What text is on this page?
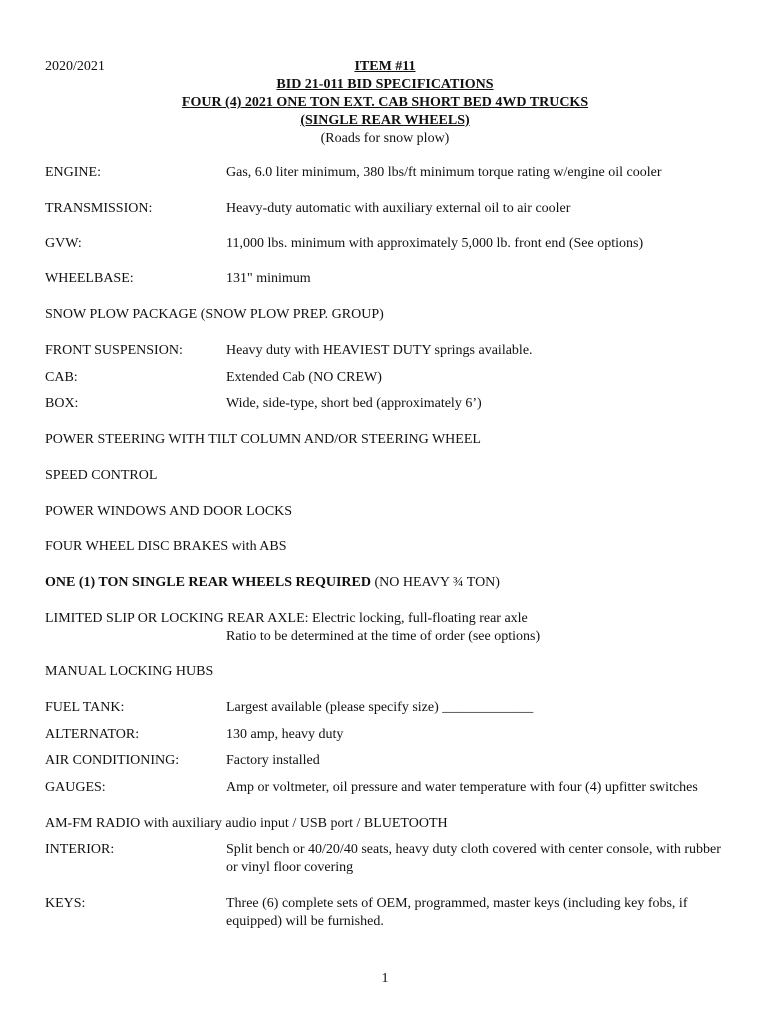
2020/2021	ITEM #11
BID 21-011 BID SPECIFICATIONS
FOUR (4) 2021 ONE TON EXT. CAB SHORT BED 4WD TRUCKS
(SINGLE REAR WHEELS)
(Roads for snow plow)
ENGINE:	Gas, 6.0 liter minimum, 380 lbs/ft minimum torque rating w/engine oil cooler
TRANSMISSION:	Heavy-duty automatic with auxiliary external oil to air cooler
GVW:	11,000 lbs. minimum with approximately 5,000 lb. front end (See options)
WHEELBASE:	131" minimum
SNOW PLOW PACKAGE (SNOW PLOW PREP. GROUP)
FRONT SUSPENSION:	Heavy duty with HEAVIEST DUTY springs available.
CAB:	Extended Cab (NO CREW)
BOX:	Wide, side-type, short bed (approximately 6’)
POWER STEERING WITH TILT COLUMN AND/OR STEERING WHEEL
SPEED CONTROL
POWER WINDOWS AND DOOR LOCKS
FOUR WHEEL DISC BRAKES with ABS
ONE (1) TON SINGLE REAR WHEELS REQUIRED (NO HEAVY ¾ TON)
LIMITED SLIP OR LOCKING REAR AXLE: Electric locking, full-floating rear axle
Ratio to be determined at the time of order (see options)
MANUAL LOCKING HUBS
FUEL TANK:	Largest available (please specify size) _____________
ALTERNATOR:	130 amp, heavy duty
AIR CONDITIONING:	Factory installed
GAUGES:	Amp or voltmeter, oil pressure and water temperature with four (4) upfitter switches
AM-FM RADIO with auxiliary audio input / USB port / BLUETOOTH
INTERIOR:	Split bench or 40/20/40 seats, heavy duty cloth covered with center console, with rubber or vinyl floor covering
KEYS:	Three (6) complete sets of OEM, programmed, master keys (including key fobs, if equipped) will be furnished.
1
